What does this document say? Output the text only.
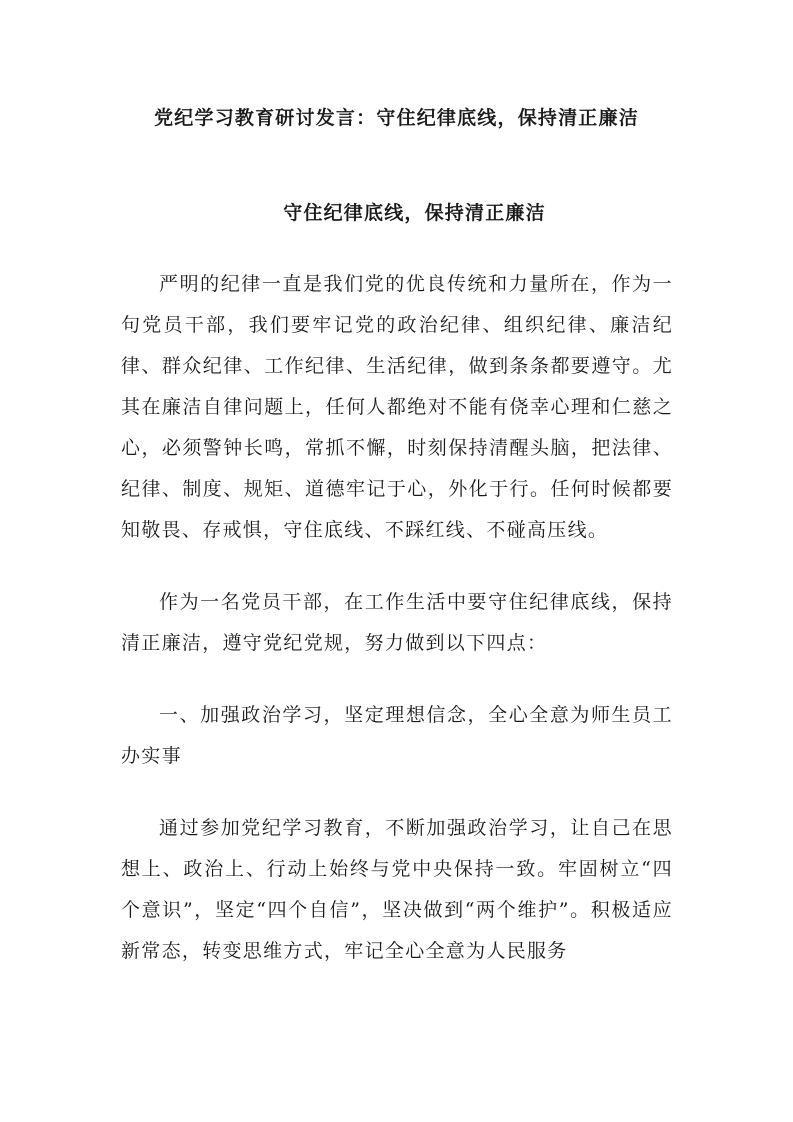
党纪学习教育研讨发言：守住纪律底线，保持清正廉洁
守住纪律底线，保持清正廉洁

严明的纪律一直是我们党的优良传统和力量所在，作为一句党员干部，我们要牢记党的政治纪律、组织纪律、廉洁纪律、群众纪律、工作纪律、生活纪律，做到条条都要遵守。尤其在廉洁自律问题上，任何人都绝对不能有侥幸心理和仁慈之心，必须警钟长鸣，常抓不懈，时刻保持清醒头脑，把法律、纪律、制度、规矩、道德牢记于心，外化于行。任何时候都要知敬畏、存戒惧，守住底线、不踩红线、不碰高压线。

作为一名党员干部，在工作生活中要守住纪律底线，保持清正廉洁，遵守党纪党规，努力做到以下四点：

一、加强政治学习，坚定理想信念，全心全意为师生员工办实事

通过参加党纪学习教育，不断加强政治学习，让自己在思想上、政治上、行动上始终与党中央保持一致。牢固树立“四个意识”，坚定“四个自信”，坚决做到“两个维护”。积极适应新常态，转变思维方式，牢记全心全意为人民服务
